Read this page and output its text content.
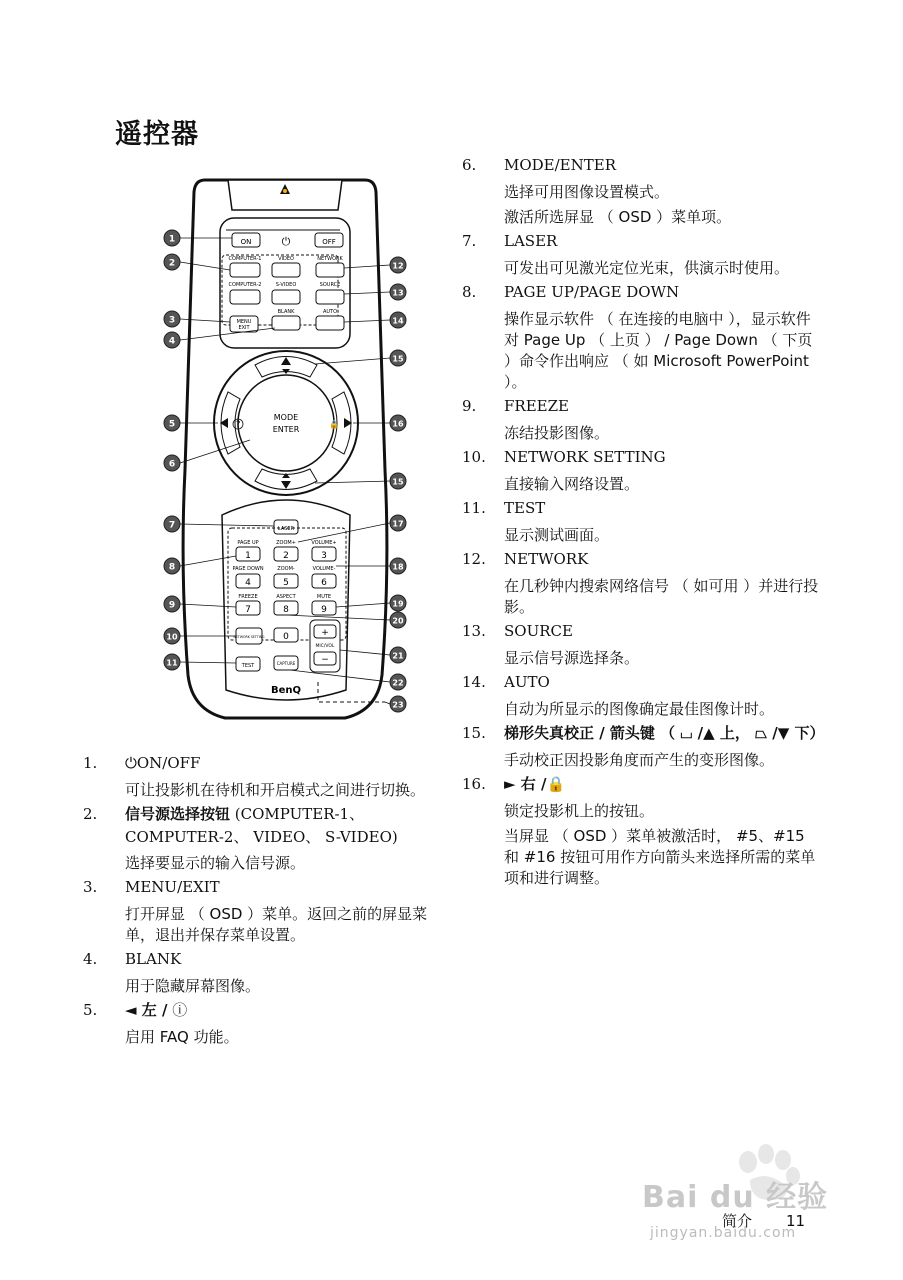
遥控器
ON	OFF
⏻
COMPUTER-1	VIDEO	NETWORK
COMPUTER-2	S-VIDEO	SOURCE
MENU
EXIT
BLANK	AUTO
?	🔒
MODE
ENTER
LASER
PAGE UP	ZOOM+	VOLUME+
1	2	3
PAGE DOWN	ZOOM-	VOLUME-
4	5	6
FREEZE	ASPECT	MUTE
7	8	9
NETWORK SETTING 0	+
MIC/VOL
−
TEST	CAPTURE
BenQ
1
2
3
4
5
6
7
8
9
10
11
12
13
14
15
16
15
17
18
19
20
21
22
23
1.	⏻ON/OFF
可让投影机在待机和开启模式之间进行切换。
2.	信号源选择按钮 (COMPUTER-1、COMPUTER-2、 VIDEO、 S-VIDEO)
选择要显示的输入信号源。
3.	MENU/EXIT
打开屏显 （ OSD ）菜单。返回之前的屏显菜单，退出并保存菜单设置。
4.	BLANK
用于隐藏屏幕图像。
5.	◄ 左 / ⓘ
启用 FAQ 功能。
6.	MODE/ENTER
选择可用图像设置模式。
激活所选屏显 （ OSD ）菜单项。
7.	LASER
可发出可见激光定位光束，供演示时使用。
8.	PAGE UP/PAGE DOWN
操作显示软件 （ 在连接的电脑中 ），显示软件对 Page Up （ 上页 ） / Page Down （ 下页 ）命令作出响应 （ 如 Microsoft PowerPoint ）。
9.	FREEZE
冻结投影图像。
10.	NETWORK SETTING
直接输入网络设置。
11.	TEST
显示测试画面。
12.	NETWORK
在几秒钟内搜索网络信号 （ 如可用 ）并进行投影。
13.	SOURCE
显示信号源选择条。
14.	AUTO
自动为所显示的图像确定最佳图像计时。
15.	梯形失真校正 / 箭头键 （ ⌴ /▲ 上， ⏢ /▼ 下）
手动校正因投影角度而产生的变形图像。
16.	► 右 /🔒
锁定投影机上的按钮。
当屏显 （ OSD ）菜单被激活时， #5、#15 和 #16 按钮可用作方向箭头来选择所需的菜单项和进行调整。
Bai du 经验
jingyan.baidu.com
简介 11
